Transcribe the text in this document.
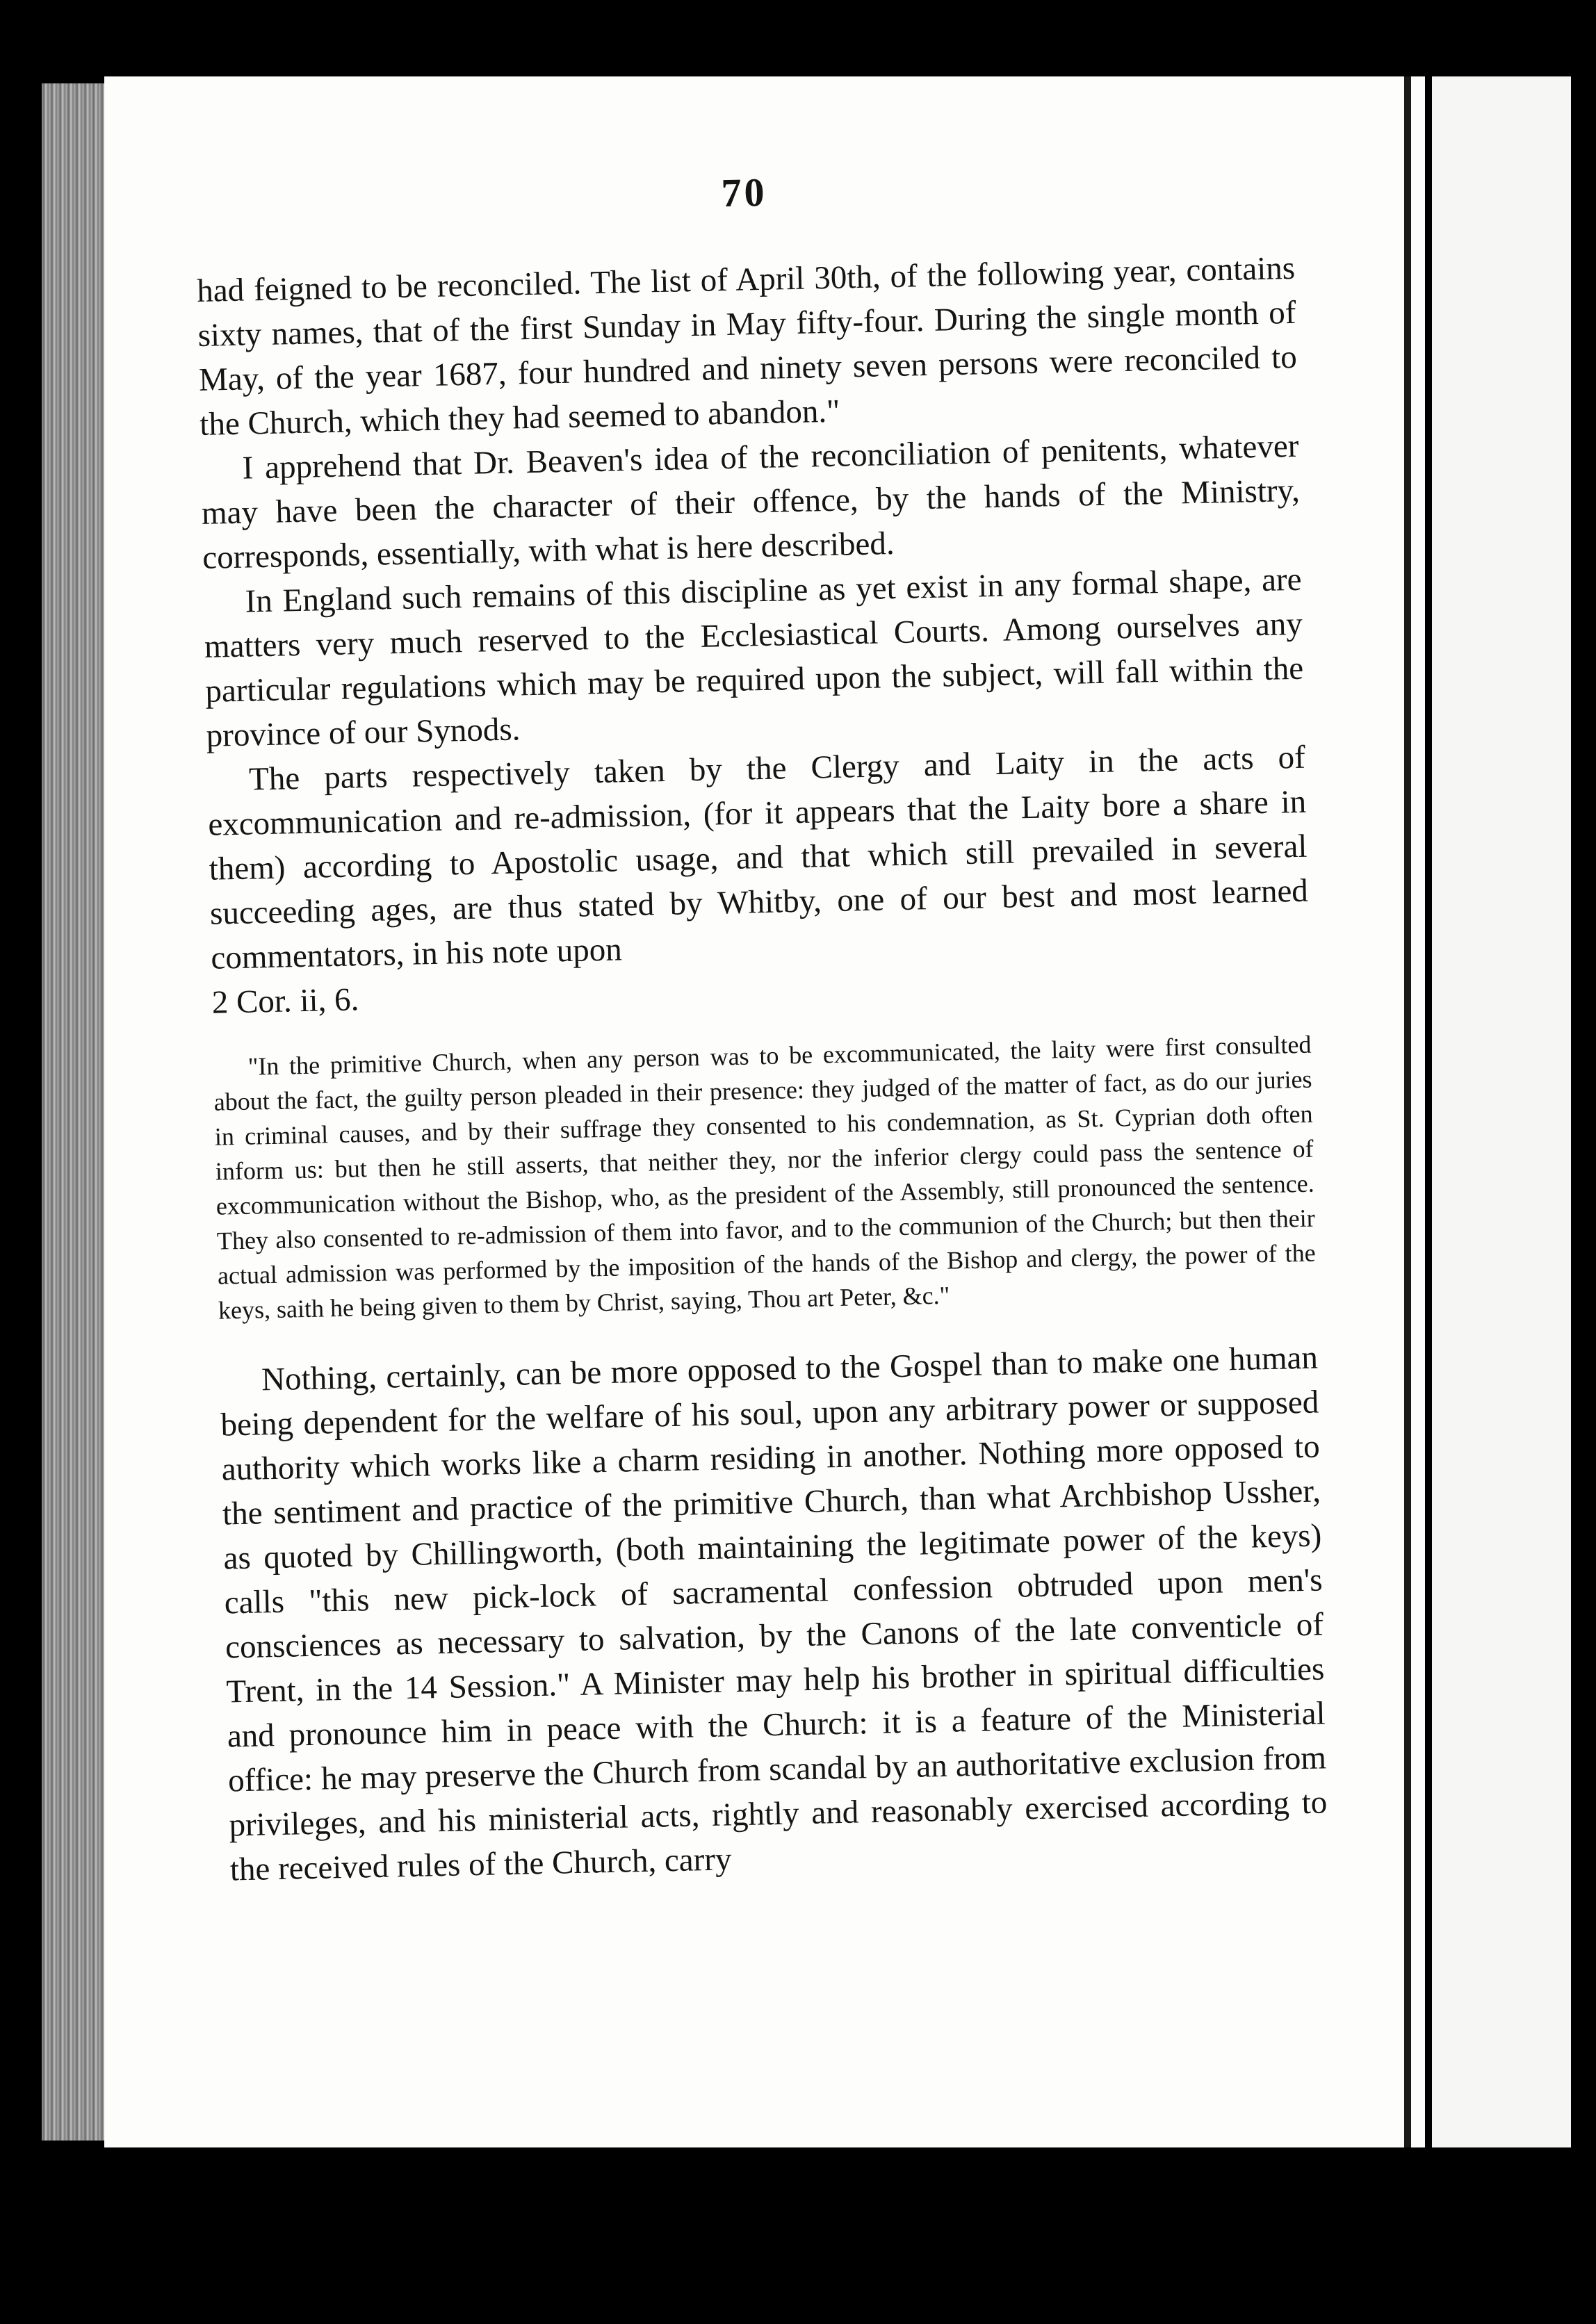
70

had feigned to be reconciled. The list of April 30th, of the following year, contains sixty names, that of the first Sunday in May fifty-four. During the single month of May, of the year 1687, four hundred and ninety seven persons were reconciled to the Church, which they had seemed to abandon."

I apprehend that Dr. Beaven's idea of the reconciliation of penitents, whatever may have been the character of their offence, by the hands of the Ministry, corresponds, essentially, with what is here described.

In England such remains of this discipline as yet exist in any formal shape, are matters very much reserved to the Ecclesiastical Courts. Among ourselves any particular regulations which may be required upon the subject, will fall within the province of our Synods.

The parts respectively taken by the Clergy and Laity in the acts of excommunication and re-admission, (for it appears that the Laity bore a share in them) according to Apostolic usage, and that which still prevailed in several succeeding ages, are thus stated by Whitby, one of our best and most learned commentators, in his note upon

2 Cor. ii, 6.

"In the primitive Church, when any person was to be excommunicated, the laity were first consulted about the fact, the guilty person pleaded in their presence: they judged of the matter of fact, as do our juries in criminal causes, and by their suffrage they consented to his condemnation, as St. Cyprian doth often inform us: but then he still asserts, that neither they, nor the inferior clergy could pass the sentence of excommunication without the Bishop, who, as the president of the Assembly, still pronounced the sentence. They also consented to re-admission of them into favor, and to the communion of the Church; but then their actual admission was performed by the imposition of the hands of the Bishop and clergy, the power of the keys, saith he being given to them by Christ, saying, Thou art Peter, &c."

Nothing, certainly, can be more opposed to the Gospel than to make one human being dependent for the welfare of his soul, upon any arbitrary power or supposed authority which works like a charm residing in another. Nothing more opposed to the sentiment and practice of the primitive Church, than what Archbishop Ussher, as quoted by Chillingworth, (both maintaining the legitimate power of the keys) calls "this new pick-lock of sacramental confession obtruded upon men's consciences as necessary to salvation, by the Canons of the late conventicle of Trent, in the 14 Session." A Minister may help his brother in spiritual difficulties and pronounce him in peace with the Church: it is a feature of the Ministerial office: he may preserve the Church from scandal by an authoritative exclusion from privileges, and his ministerial acts, rightly and reasonably exercised according to the received rules of the Church, carry
